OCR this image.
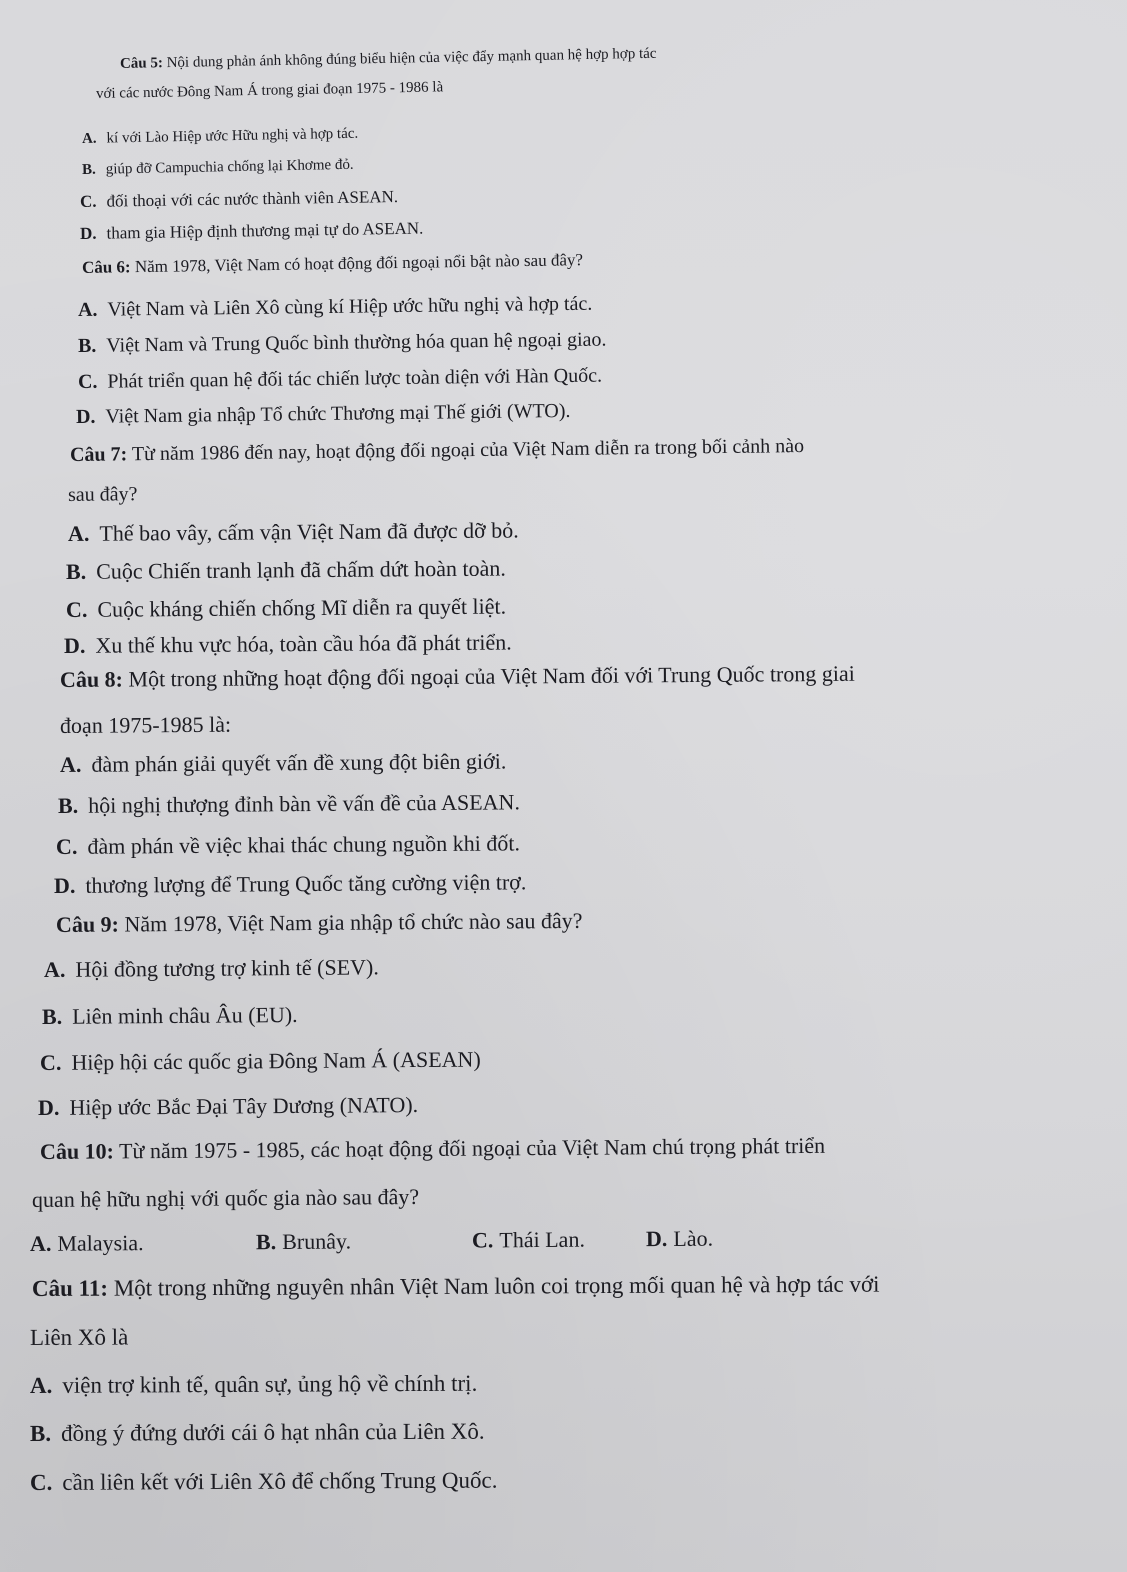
Câu 5: Nội dung phản ánh không đúng biểu hiện của việc đẩy mạnh quan hệ hợp hợp tác
với các nước Đông Nam Á trong giai đoạn 1975 - 1986 là
A. kí với Lào Hiệp ước Hữu nghị và hợp tác.
B. giúp đỡ Campuchia chống lại Khơme đỏ.
C. đối thoại với các nước thành viên ASEAN.
D. tham gia Hiệp định thương mại tự do ASEAN.
Câu 6: Năm 1978, Việt Nam có hoạt động đối ngoại nổi bật nào sau đây?
A. Việt Nam và Liên Xô cùng kí Hiệp ước hữu nghị và hợp tác.
B. Việt Nam và Trung Quốc bình thường hóa quan hệ ngoại giao.
C. Phát triển quan hệ đối tác chiến lược toàn diện với Hàn Quốc.
D. Việt Nam gia nhập Tổ chức Thương mại Thế giới (WTO).
Câu 7: Từ năm 1986 đến nay, hoạt động đối ngoại của Việt Nam diễn ra trong bối cảnh nào
sau đây?
A. Thế bao vây, cấm vận Việt Nam đã được dỡ bỏ.
B. Cuộc Chiến tranh lạnh đã chấm dứt hoàn toàn.
C. Cuộc kháng chiến chống Mĩ diễn ra quyết liệt.
D. Xu thế khu vực hóa, toàn cầu hóa đã phát triển.
Câu 8: Một trong những hoạt động đối ngoại của Việt Nam đối với Trung Quốc trong giai
đoạn 1975-1985 là:
A. đàm phán giải quyết vấn đề xung đột biên giới.
B. hội nghị thượng đỉnh bàn về vấn đề của ASEAN.
C. đàm phán về việc khai thác chung nguồn khi đốt.
D. thương lượng để Trung Quốc tăng cường viện trợ.
Câu 9: Năm 1978, Việt Nam gia nhập tổ chức nào sau đây?
A. Hội đồng tương trợ kinh tế (SEV).
B. Liên minh châu Âu (EU).
C. Hiệp hội các quốc gia Đông Nam Á (ASEAN)
D. Hiệp ước Bắc Đại Tây Dương (NATO).
Câu 10: Từ năm 1975 - 1985, các hoạt động đối ngoại của Việt Nam chú trọng phát triển
quan hệ hữu nghị với quốc gia nào sau đây?
A. Malaysia.	B. Brunây.	C. Thái Lan.	D. Lào.
Câu 11: Một trong những nguyên nhân Việt Nam luôn coi trọng mối quan hệ và hợp tác với
Liên Xô là
A. viện trợ kinh tế, quân sự, ủng hộ về chính trị.
B. đồng ý đứng dưới cái ô hạt nhân của Liên Xô.
C. cần liên kết với Liên Xô để chống Trung Quốc.
